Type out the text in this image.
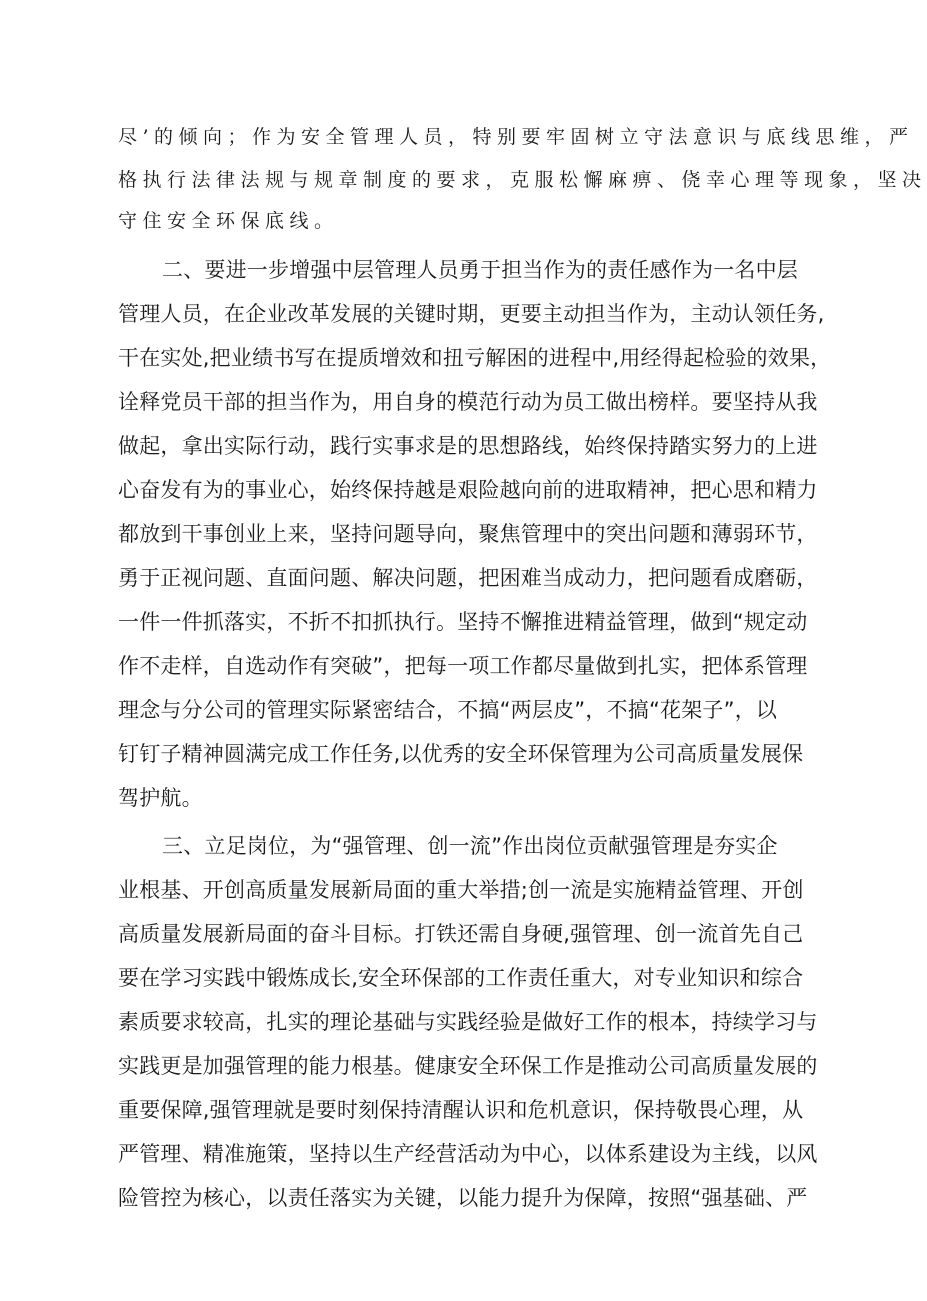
尽’的倾向；作为安全管理人员，特别要牢固树立守法意识与底线思维，严

格执行法律法规与规章制度的要求，克服松懈麻痹、侥幸心理等现象，坚决

守住安全环保底线。

二、要进一步增强中层管理人员勇于担当作为的责任感作为一名中层

管理人员，在企业改革发展的关键时期，更要主动担当作为，主动认领任务,

干在实处,把业绩书写在提质增效和扭亏解困的进程中,用经得起检验的效果，

诠释党员干部的担当作为，用自身的模范行动为员工做出榜样。要坚持从我

做起，拿出实际行动，践行实事求是的思想路线，始终保持踏实努力的上进

心奋发有为的事业心，始终保持越是艰险越向前的进取精神，把心思和精力

都放到干事创业上来，坚持问题导向，聚焦管理中的突出问题和薄弱环节，

勇于正视问题、直面问题、解决问题，把困难当成动力，把问题看成磨砺，

一件一件抓落实，不折不扣抓执行。坚持不懈推进精益管理，做到“规定动

作不走样，自选动作有突破”，把每一项工作都尽量做到扎实，把体系管理

理念与分公司的管理实际紧密结合，不搞“两层皮”，不搞“花架子”，以

钉钉子精神圆满完成工作任务,以优秀的安全环保管理为公司高质量发展保

驾护航。

三、立足岗位，为“强管理、创一流”作出岗位贡献强管理是夯实企

业根基、开创高质量发展新局面的重大举措;创一流是实施精益管理、开创

高质量发展新局面的奋斗目标。打铁还需自身硬,强管理、创一流首先自己

要在学习实践中锻炼成长,安全环保部的工作责任重大，对专业知识和综合

素质要求较高，扎实的理论基础与实践经验是做好工作的根本，持续学习与

实践更是加强管理的能力根基。健康安全环保工作是推动公司高质量发展的

重要保障,强管理就是要时刻保持清醒认识和危机意识，保持敬畏心理，从

严管理、精准施策，坚持以生产经营活动为中心，以体系建设为主线，以风

险管控为核心，以责任落实为关键，以能力提升为保障，按照“强基础、严
